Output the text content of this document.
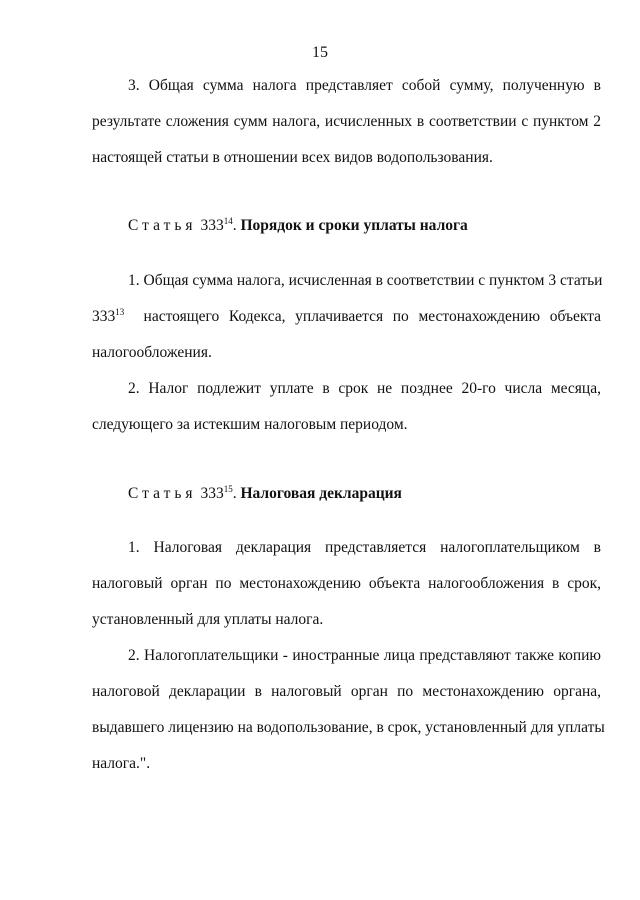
15
3. Общая сумма налога представляет собой сумму, полученную в
результате сложения сумм налога, исчисленных в соответствии с пунктом 2
настоящей статьи в отношении всех видов водопользования.
Статья $333^{14}$. Порядок и сроки уплаты налога
1. Общая сумма налога, исчисленная в соответствии с пунктом 3 статьи
$333^{13}$ настоящего Кодекса, уплачивается по местонахождению объекта
налогообложения.
2. Налог подлежит уплате в срок не позднее 20-го числа месяца,
следующего за истекшим налоговым периодом.
Статья $333^{15}$. Налоговая декларация
1. Налоговая декларация представляется налогоплательщиком в
налоговый орган по местонахождению объекта налогообложения в срок,
установленный для уплаты налога.
2. Налогоплательщики - иностранные лица представляют также копию
налоговой декларации в налоговый орган по местонахождению органа,
выдавшего лицензию на водопользование, в срок, установленный для уплаты
налога.".
